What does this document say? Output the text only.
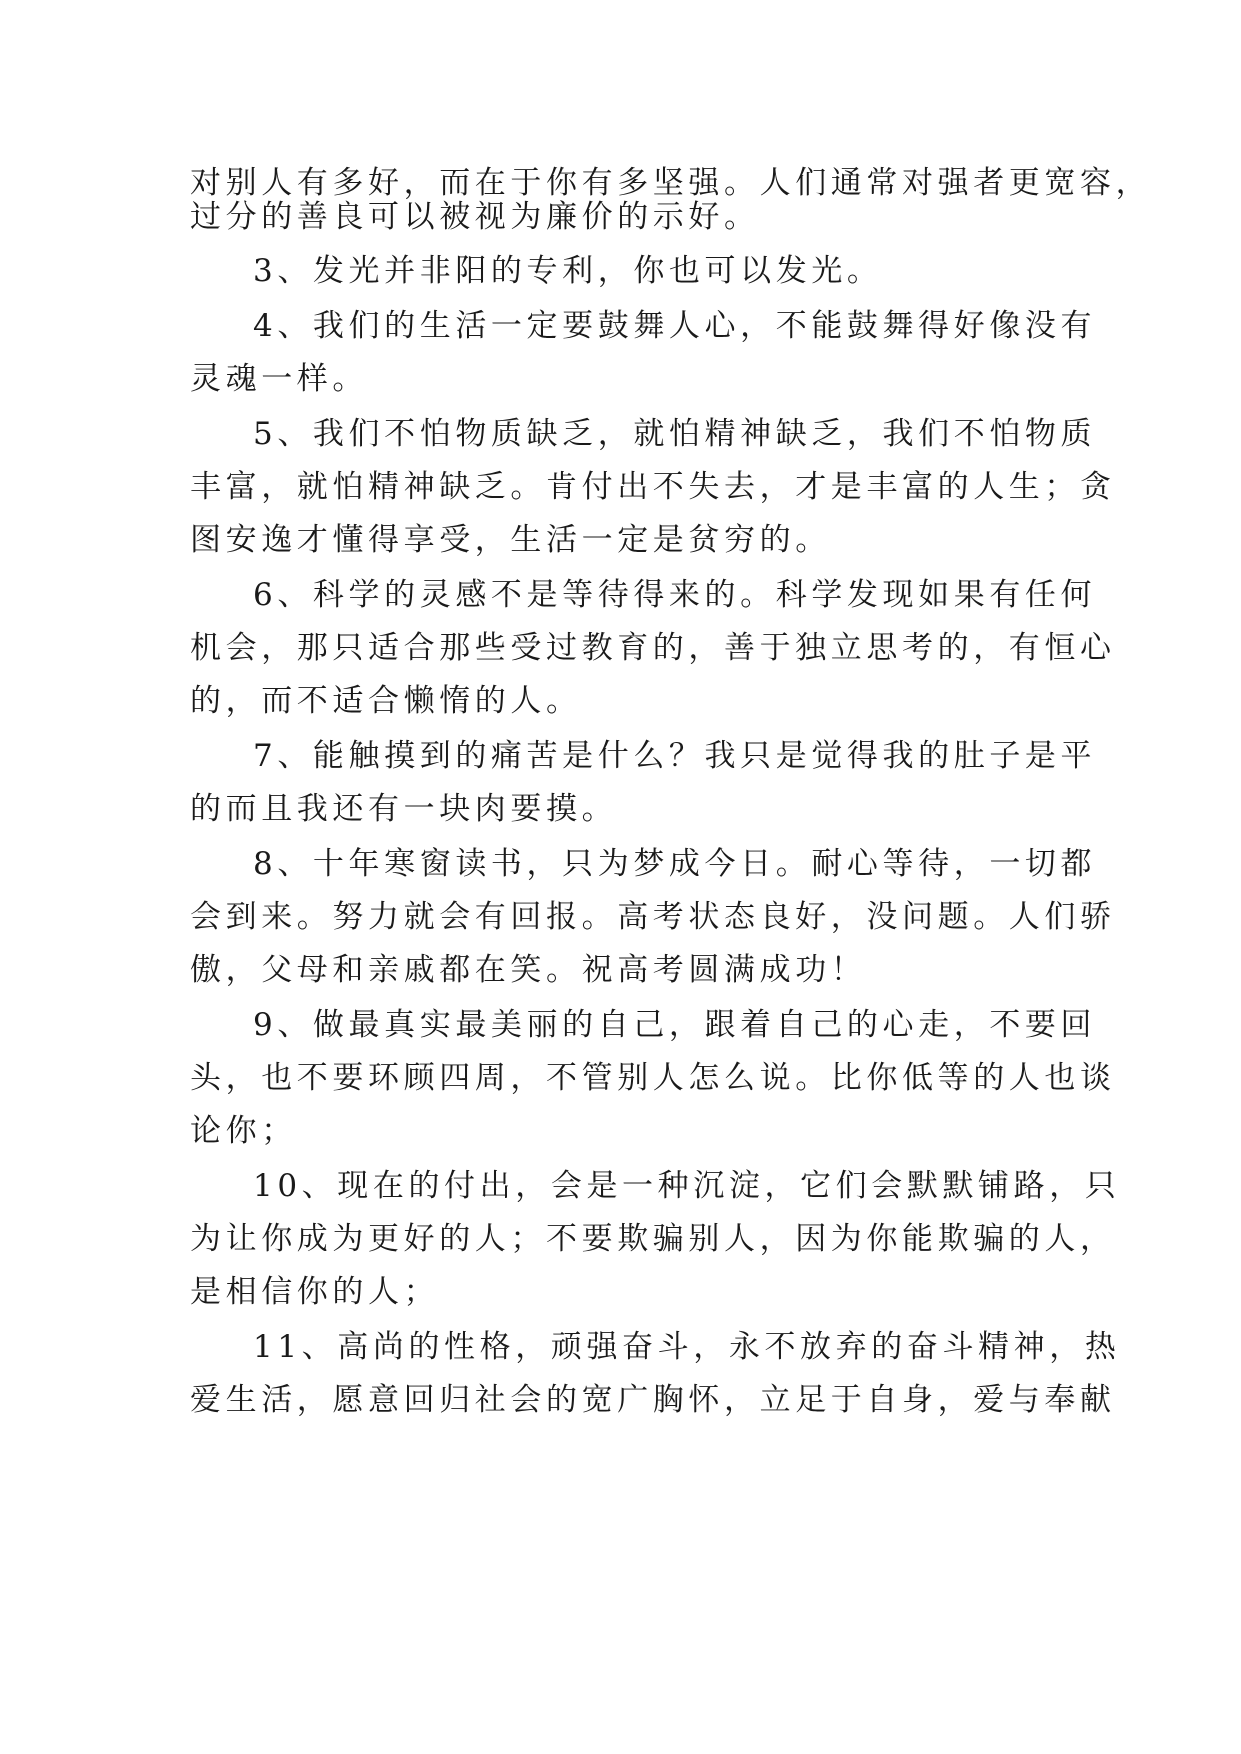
对别人有多好，而在于你有多坚强。人们通常对强者更宽容，
过分的善良可以被视为廉价的示好。
3、发光并非阳的专利，你也可以发光。
4、我们的生活一定要鼓舞人心，不能鼓舞得好像没有
灵魂一样。
5、我们不怕物质缺乏，就怕精神缺乏，我们不怕物质
丰富，就怕精神缺乏。肯付出不失去，才是丰富的人生；贪
图安逸才懂得享受，生活一定是贫穷的。
6、科学的灵感不是等待得来的。科学发现如果有任何
机会，那只适合那些受过教育的，善于独立思考的，有恒心
的，而不适合懒惰的人。
7、能触摸到的痛苦是什么？我只是觉得我的肚子是平
的而且我还有一块肉要摸。
8、十年寒窗读书，只为梦成今日。耐心等待，一切都
会到来。努力就会有回报。高考状态良好，没问题。人们骄
傲，父母和亲戚都在笑。祝高考圆满成功！
9、做最真实最美丽的自己，跟着自己的心走，不要回
头，也不要环顾四周，不管别人怎么说。比你低等的人也谈
论你；
10、现在的付出，会是一种沉淀，它们会默默铺路，只
为让你成为更好的人；不要欺骗别人，因为你能欺骗的人，
是相信你的人；
11、高尚的性格，顽强奋斗，永不放弃的奋斗精神，热
爱生活，愿意回归社会的宽广胸怀，立足于自身，爱与奉献
